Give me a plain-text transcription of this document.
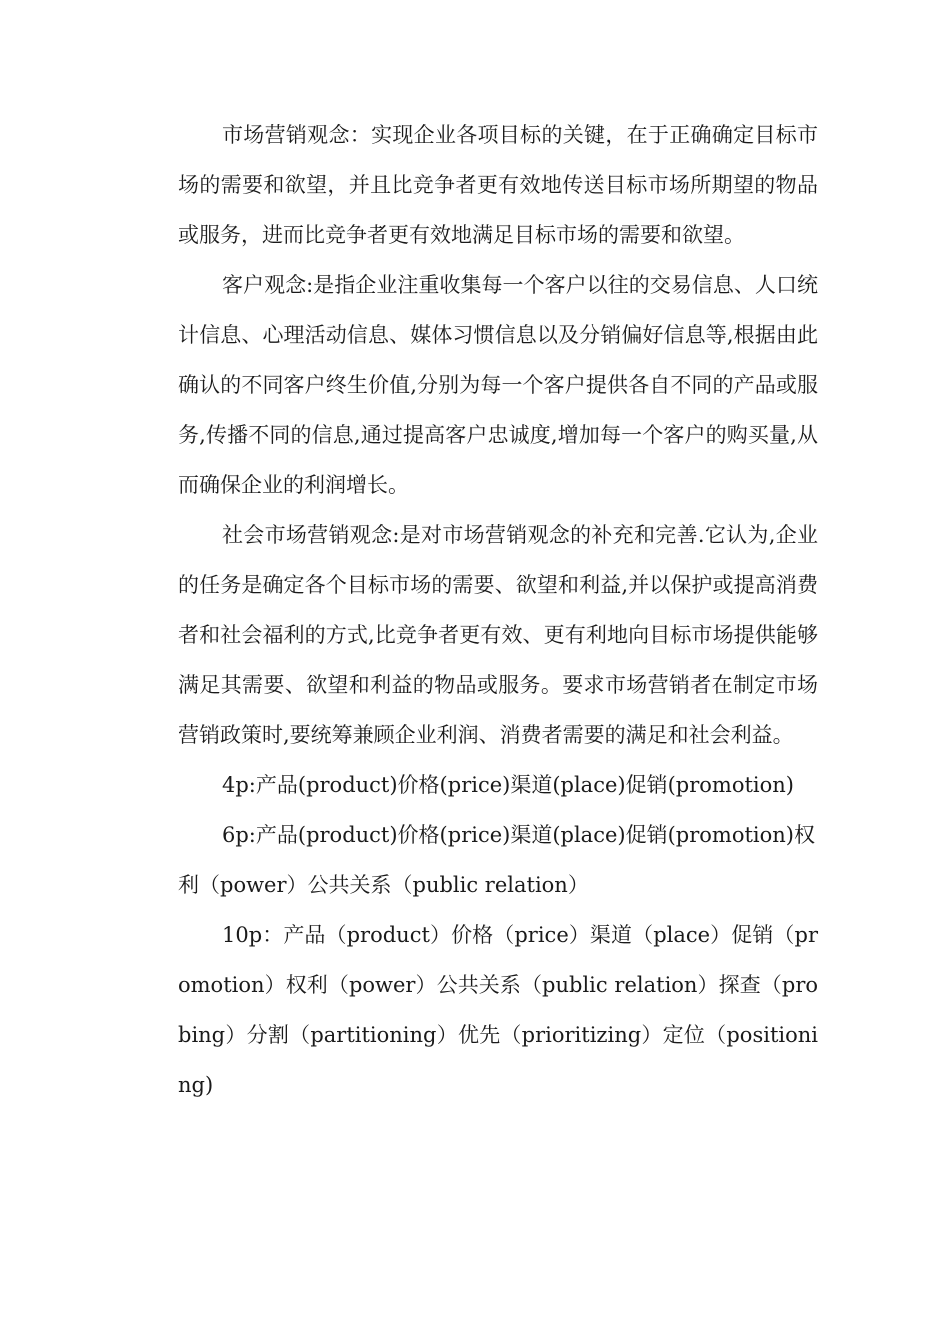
市场营销观念：实现企业各项目标的关键，在于正确确定目标市场的需要和欲望，并且比竞争者更有效地传送目标市场所期望的物品或服务，进而比竞争者更有效地满足目标市场的需要和欲望。

客户观念:是指企业注重收集每一个客户以往的交易信息、人口统计信息、心理活动信息、媒体习惯信息以及分销偏好信息等,根据由此确认的不同客户终生价值,分别为每一个客户提供各自不同的产品或服务,传播不同的信息,通过提高客户忠诚度,增加每一个客户的购买量,从而确保企业的利润增长。

社会市场营销观念:是对市场营销观念的补充和完善.它认为,企业的任务是确定各个目标市场的需要、欲望和利益,并以保护或提高消费者和社会福利的方式,比竞争者更有效、更有利地向目标市场提供能够满足其需要、欲望和利益的物品或服务。要求市场营销者在制定市场营销政策时,要统筹兼顾企业利润、消费者需要的满足和社会利益。

4p:产品(product)价格(price)渠道(place)促销(promotion)

6p:产品(product)价格(price)渠道(place)促销(promotion)权利（power）公共关系（public relation）

10p：产品（product）价格（price）渠道（place）促销（promotion）权利（power）公共关系（public relation）探查（probing）分割（partitioning）优先（prioritizing）定位（positioning)
